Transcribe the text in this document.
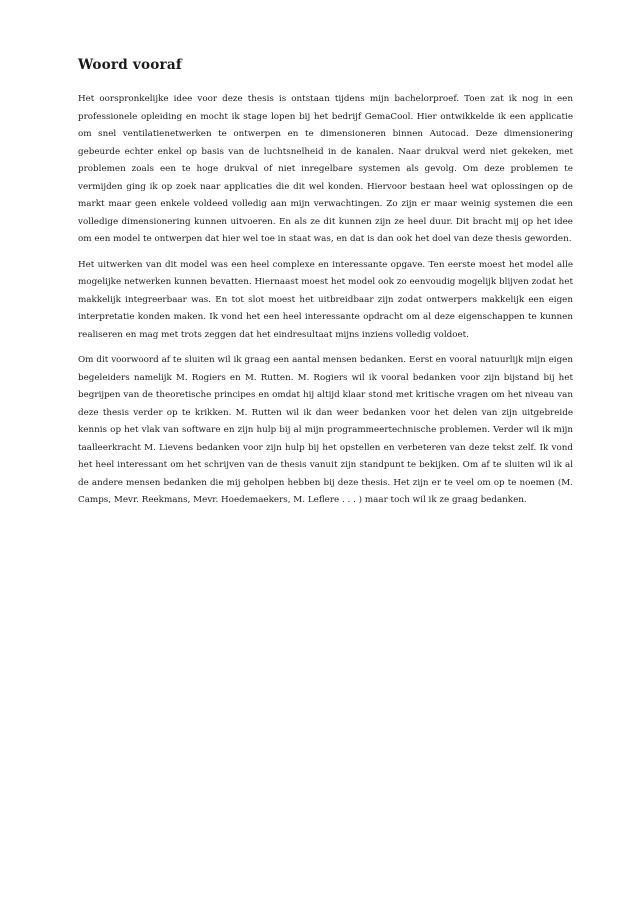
Woord vooraf

Het oorspronkelijke idee voor deze thesis is ontstaan tijdens mijn bachelorproef. Toen zat ik nog in een professionele opleiding en mocht ik stage lopen bij het bedrijf GemaCool. Hier ontwikkelde ik een applicatie om snel ventilatienetwerken te ontwerpen en te dimensioneren binnen Autocad. Deze dimensionering gebeurde echter enkel op basis van de luchtsnelheid in de kanalen. Naar drukval werd niet gekeken, met problemen zoals een te hoge drukval of niet inregelbare systemen als gevolg. Om deze problemen te vermijden ging ik op zoek naar applicaties die dit wel konden. Hiervoor bestaan heel wat oplossingen op de markt maar geen enkele voldeed volledig aan mijn verwachtingen. Zo zijn er maar weinig systemen die een volledige dimensionering kunnen uitvoeren. En als ze dit kunnen zijn ze heel duur. Dit bracht mij op het idee om een model te ontwerpen dat hier wel toe in staat was, en dat is dan ook het doel van deze thesis geworden.

Het uitwerken van dit model was een heel complexe en interessante opgave. Ten eerste moest het model alle mogelijke netwerken kunnen bevatten. Hiernaast moest het model ook zo eenvoudig mogelijk blijven zodat het makkelijk integreerbaar was. En tot slot moest het uitbreidbaar zijn zodat ontwerpers makkelijk een eigen interpretatie konden maken. Ik vond het een heel interessante opdracht om al deze eigenschappen te kunnen realiseren en mag met trots zeggen dat het eindresultaat mijns inziens volledig voldoet.

Om dit voorwoord af te sluiten wil ik graag een aantal mensen bedanken. Eerst en vooral natuurlijk mijn eigen begeleiders namelijk M. Rogiers en M. Rutten. M. Rogiers wil ik vooral bedanken voor zijn bijstand bij het begrijpen van de theoretische principes en omdat hij altijd klaar stond met kritische vragen om het niveau van deze thesis verder op te krikken. M. Rutten wil ik dan weer bedanken voor het delen van zijn uitgebreide kennis op het vlak van software en zijn hulp bij al mijn programmeertechnische problemen. Verder wil ik mijn taalleerkracht M. Lievens bedanken voor zijn hulp bij het opstellen en verbeteren van deze tekst zelf. Ik vond het heel interessant om het schrijven van de thesis vanuit zijn standpunt te bekijken. Om af te sluiten wil ik al de andere mensen bedanken die mij geholpen hebben bij deze thesis. Het zijn er te veel om op te noemen (M. Camps, Mevr. Reekmans, Mevr. Hoedemaekers, M. Leflere . . . ) maar toch wil ik ze graag bedanken.
